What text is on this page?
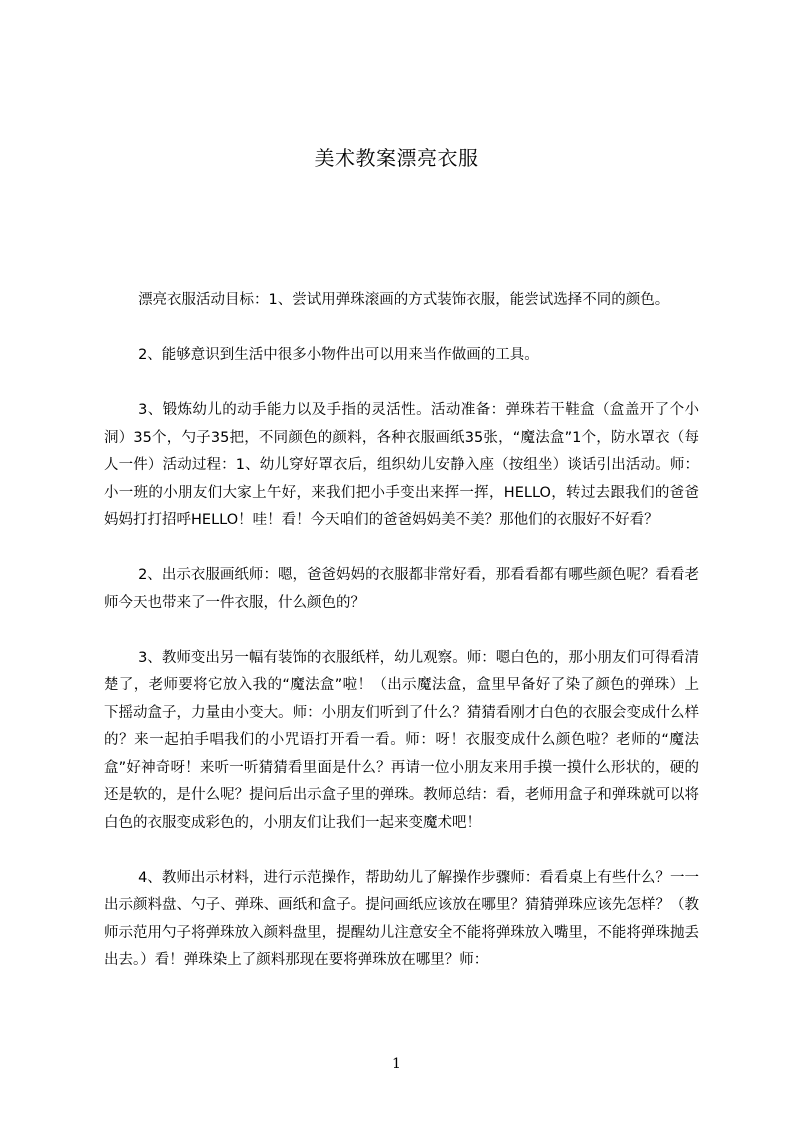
美术教案漂亮衣服

漂亮衣服活动目标：1、尝试用弹珠滚画的方式装饰衣服，能尝试选择不同的颜色。

2、能够意识到生活中很多小物件出可以用来当作做画的工具。

3、锻炼幼儿的动手能力以及手指的灵活性。活动准备：弹珠若干鞋盒（盒盖开了个小洞）35个，勺子35把，不同颜色的颜料，各种衣服画纸35张，“魔法盒”1个，防水罩衣（每人一件）活动过程：1、幼儿穿好罩衣后，组织幼儿安静入座（按组坐）谈话引出活动。师：小一班的小朋友们大家上午好，来我们把小手变出来挥一挥，HELLO，转过去跟我们的爸爸妈妈打打招呼HELLO！哇！看！今天咱们的爸爸妈妈美不美？那他们的衣服好不好看？

2、出示衣服画纸师：嗯，爸爸妈妈的衣服都非常好看，那看看都有哪些颜色呢？看看老师今天也带来了一件衣服，什么颜色的？

3、教师变出另一幅有装饰的衣服纸样，幼儿观察。师：嗯白色的，那小朋友们可得看清楚了，老师要将它放入我的“魔法盒”啦！（出示魔法盒，盒里早备好了染了颜色的弹珠）上下摇动盒子，力量由小变大。师：小朋友们听到了什么？猜猜看刚才白色的衣服会变成什么样的？来一起拍手唱我们的小咒语打开看一看。师：呀！衣服变成什么颜色啦？老师的“魔法盒”好神奇呀！来听一听猜猜看里面是什么？再请一位小朋友来用手摸一摸什么形状的，硬的还是软的，是什么呢？提问后出示盒子里的弹珠。教师总结：看，老师用盒子和弹珠就可以将白色的衣服变成彩色的，小朋友们让我们一起来变魔术吧！

4、教师出示材料，进行示范操作，帮助幼儿了解操作步骤师：看看桌上有些什么？一一出示颜料盘、勺子、弹珠、画纸和盒子。提问画纸应该放在哪里？猜猜弹珠应该先怎样？（教师示范用勺子将弹珠放入颜料盘里，提醒幼儿注意安全不能将弹珠放入嘴里，不能将弹珠抛丢出去。）看！弹珠染上了颜料那现在要将弹珠放在哪里？师：

1
